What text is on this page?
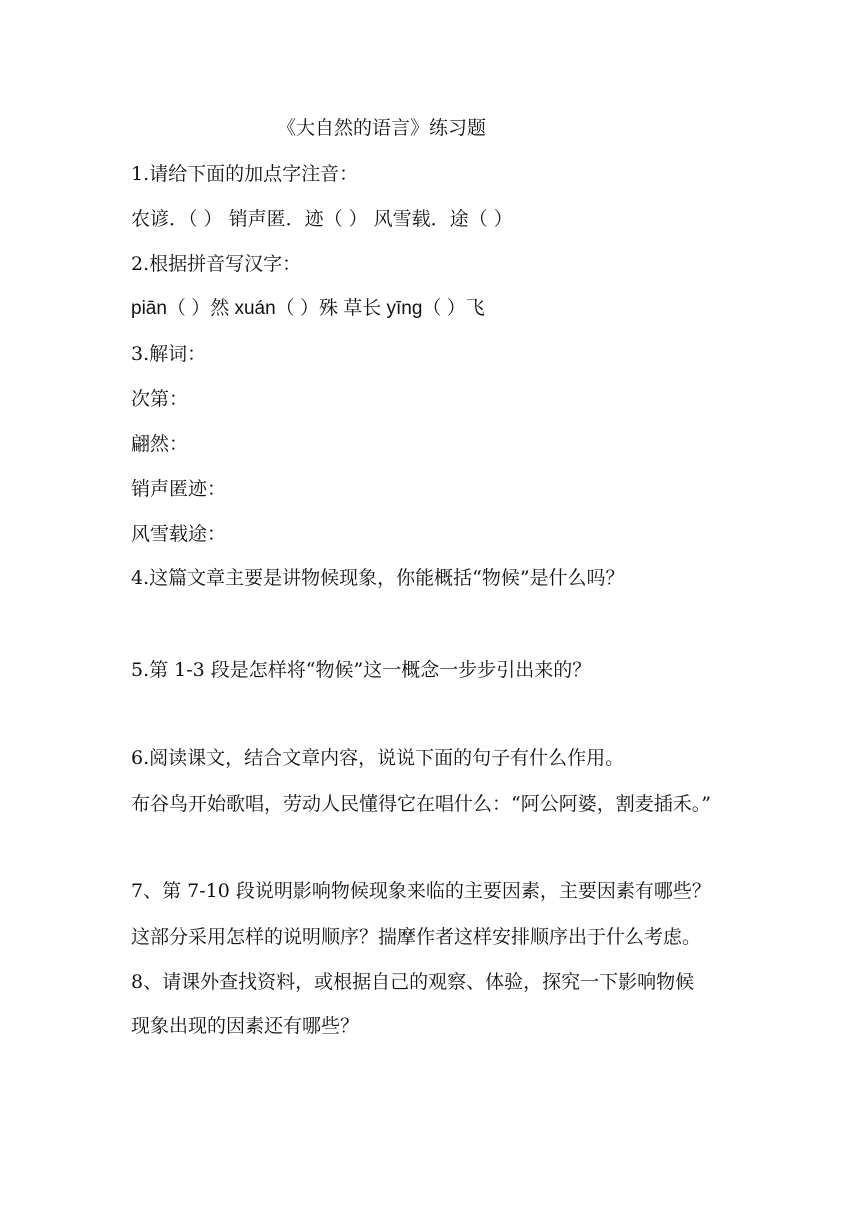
《大自然的语言》练习题
1.请给下面的加点字注音：
农谚．（ ） 销声匿．迹（ ） 风雪载．途（ ）
2.根据拼音写汉字：
piān（ ）然 xuán（ ）殊 草长 yīng（ ）飞
3.解词：
次第：
翩然：
销声匿迹：
风雪载途：
4.这篇文章主要是讲物候现象，你能概括“物候”是什么吗？
5.第 1-3 段是怎样将“物候”这一概念一步步引出来的？
6.阅读课文，结合文章内容，说说下面的句子有什么作用。
布谷鸟开始歌唱，劳动人民懂得它在唱什么：“阿公阿婆，割麦插禾。”
7、第 7-10 段说明影响物候现象来临的主要因素，主要因素有哪些？
这部分采用怎样的说明顺序？揣摩作者这样安排顺序出于什么考虑。
8、请课外查找资料，或根据自己的观察、体验，探究一下影响物候
现象出现的因素还有哪些？
